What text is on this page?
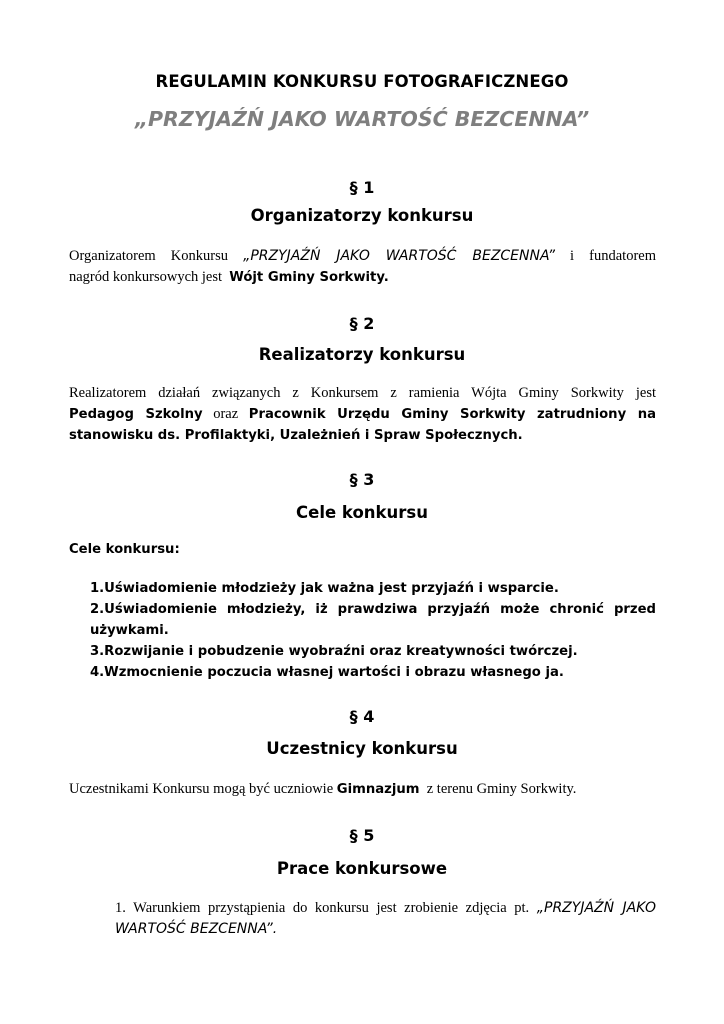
REGULAMIN KONKURSU FOTOGRAFICZNEGO
„PRZYJAŹŃ JAKO WARTOŚĆ BEZCENNA”
§ 1
Organizatorzy konkursu
Organizatorem Konkursu „PRZYJAŹŃ JAKO WARTOŚĆ BEZCENNA” i fundatorem
nagród konkursowych jest Wójt Gminy Sorkwity.
§ 2
Realizatorzy konkursu
Realizatorem działań związanych z Konkursem z ramienia Wójta Gminy Sorkwity jest
Pedagog Szkolny oraz Pracownik Urzędu Gminy Sorkwity zatrudniony na
stanowisku ds. Profilaktyki, Uzależnień i Spraw Społecznych.
§ 3
Cele konkursu
Cele konkursu:
1.Uświadomienie młodzieży jak ważna jest przyjaźń i wsparcie.
2.Uświadomienie młodzieży, iż prawdziwa przyjaźń może chronić przed
używkami.
3.Rozwijanie i pobudzenie wyobraźni oraz kreatywności twórczej.
4.Wzmocnienie poczucia własnej wartości i obrazu własnego ja.
§ 4
Uczestnicy konkursu
Uczestnikami Konkursu mogą być uczniowie Gimnazjum z terenu Gminy Sorkwity.
§ 5
Prace konkursowe
1. Warunkiem przystąpienia do konkursu jest zrobienie zdjęcia pt. „PRZYJAŹŃ JAKO
WARTOŚĆ BEZCENNA”.
